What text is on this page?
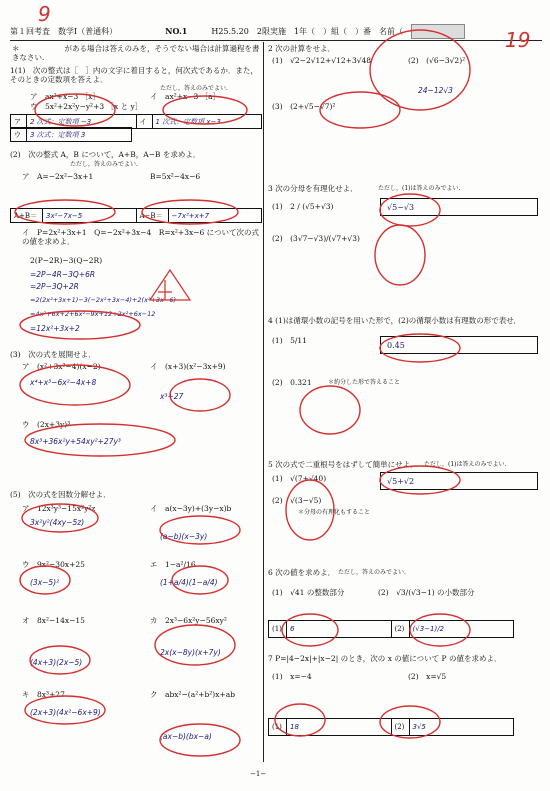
第１回考査　数学Ⅰ（普通科）	NO.1	H25.5.20 2限実施 1年（ ）組（ ）番 名前（
＊　　　　　　がある場合は答えのみを，そうでない場合は計算過程を書きなさい.
1(1)　次の整式は［　］内の文字に着目すると，何次式であるか．また，そのときの定数項を答えよ．
ただし，答えのみでよい.
ア　ax²+x−3 ［x］	イ　ax²+x−3 ［a］
ウ　5x²+2x²y−y²+3 ［x と y］
ア	2 次式：定数項 −3	イ	1 次式：定数項 x−3
ウ	3 次式：定数項 3
(2)　次の整式 A，B について，A+B，A−B を求めよ．
ただし，答えのみでよい.
ア　A=−2x²−3x+1	B=5x²−4x−6
A+B＝	3x²−7x−5	A−B＝	−7x²+x+7
イ　P=2x²+3x+1　Q=−2x²+3x−4　R=x²+3x−6 について次の式の値を求めよ．
2(P−2R)−3(Q−2R)
=2P−4R−3Q+6R
=2P−3Q+2R
=2(2x²+3x+1)−3(−2x²+3x−4)+2(x²+3x−6)
=4x²+6x+2+6x²−9x+12+2x²+6x−12
=12x²+3x+2
(3)　次の式を展開せよ．
ア　(x²+3x²−4)(x−2)	イ　(x+3)(x²−3x+9)
x⁴+x³−6x²−4x+8
x³+27
ウ　(2x+3y)³
8x³+36x²y+54xy²+27y³
(5)　次の式を因数分解せよ．
ア　12x³y³−15x²y²z	イ　a(x−3y)+(3y−x)b
3x²y²(4xy−5z)
(a−b)(x−3y)
ウ　9x²−30x+25	エ　1−a²/16
(3x−5)²	(1+a/4)(1−a/4)
オ　8x²−14x−15	カ　2x³−6x²y−56xy²
(4x+3)(2x−5)
2x(x−8y)(x+7y)
キ　8x³+27	ク　abx²−(a²+b²)x+ab
(2x+3)(4x²−6x+9)
(ax−b)(bx−a)
2 次の計算をせよ．
(1)　√2−2√12+√12+3√48	(2)　(√6−3√2)²
24−12√3
(3)　(2+√5−√7)²
3 次の分母を有理化せよ．	ただし，(1)は答えのみでよい.
(1)　2 / (√5+√3)	√5−√3
(2)　(3√7−√3)/(√7+√3)
4 (1)は循環小数の記号を用いた形で，(2)の循環小数は有理数の形で表せ．
(1)　5/11	0.45
(2)　0.321	＊約分した形で答えること
5 次の式で二重根号をはずして簡単にせよ． ただし，(1)は答えのみでよい.
(1)　√(7+√40)	√5+√2
(2)　√(3−√5)
＊分母の有理化もすること
6 次の値を求めよ． ただし，答えのみでよい.
(1)　√41 の整数部分	(2)　√3/(√3−1) の小数部分
(1)	6	(2)	(√3−1)/2
7 P=|4−2x|+|x−2| のとき，次の x の値について P の値を求めよ．
(1)　x=−4	(2)　x=√5
(1)	18	(2)	3√5
−1−
9
19
